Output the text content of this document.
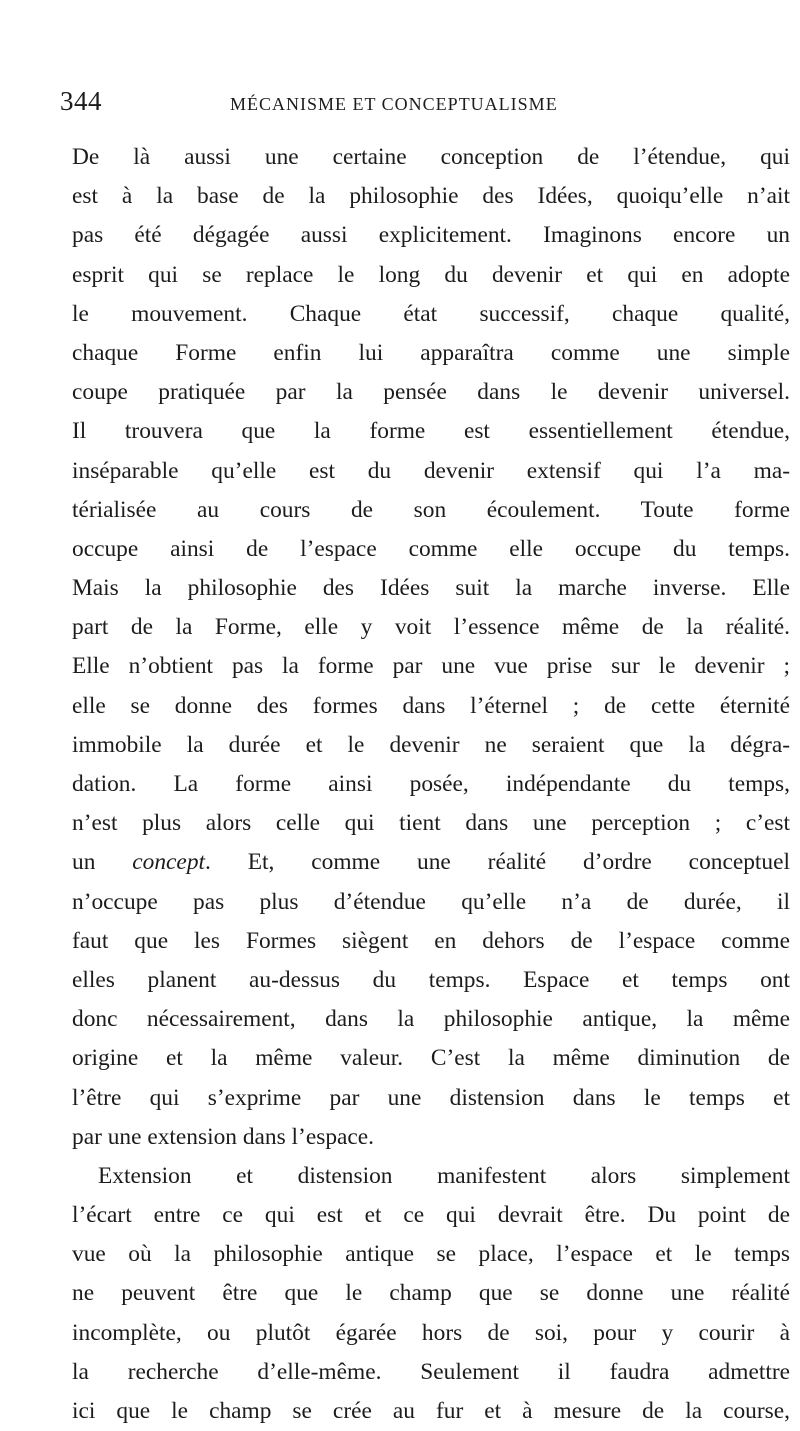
344	MÉCANISME ET CONCEPTUALISME
De là aussi une certaine conception de l’étendue, qui
est à la base de la philosophie des Idées, quoiqu’elle n’ait
pas été dégagée aussi explicitement. Imaginons encore un
esprit qui se replace le long du devenir et qui en adopte
le mouvement. Chaque état successif, chaque qualité,
chaque Forme enfin lui apparaîtra comme une simple
coupe pratiquée par la pensée dans le devenir universel.
Il trouvera que la forme est essentiellement étendue,
inséparable qu’elle est du devenir extensif qui l’a ma-
térialisée au cours de son écoulement. Toute forme
occupe ainsi de l’espace comme elle occupe du temps.
Mais la philosophie des Idées suit la marche inverse. Elle
part de la Forme, elle y voit l’essence même de la réalité.
Elle n’obtient pas la forme par une vue prise sur le devenir ;
elle se donne des formes dans l’éternel ; de cette éternité
immobile la durée et le devenir ne seraient que la dégra-
dation. La forme ainsi posée, indépendante du temps,
n’est plus alors celle qui tient dans une perception ; c’est
un concept. Et, comme une réalité d’ordre conceptuel
n’occupe pas plus d’étendue qu’elle n’a de durée, il
faut que les Formes siègent en dehors de l’espace comme
elles planent au-dessus du temps. Espace et temps ont
donc nécessairement, dans la philosophie antique, la même
origine et la même valeur. C’est la même diminution de
l’être qui s’exprime par une distension dans le temps et
par une extension dans l’espace.
Extension et distension manifestent alors simplement
l’écart entre ce qui est et ce qui devrait être. Du point de
vue où la philosophie antique se place, l’espace et le temps
ne peuvent être que le champ que se donne une réalité
incomplète, ou plutôt égarée hors de soi, pour y courir à
la recherche d’elle-même. Seulement il faudra admettre
ici que le champ se crée au fur et à mesure de la course,
